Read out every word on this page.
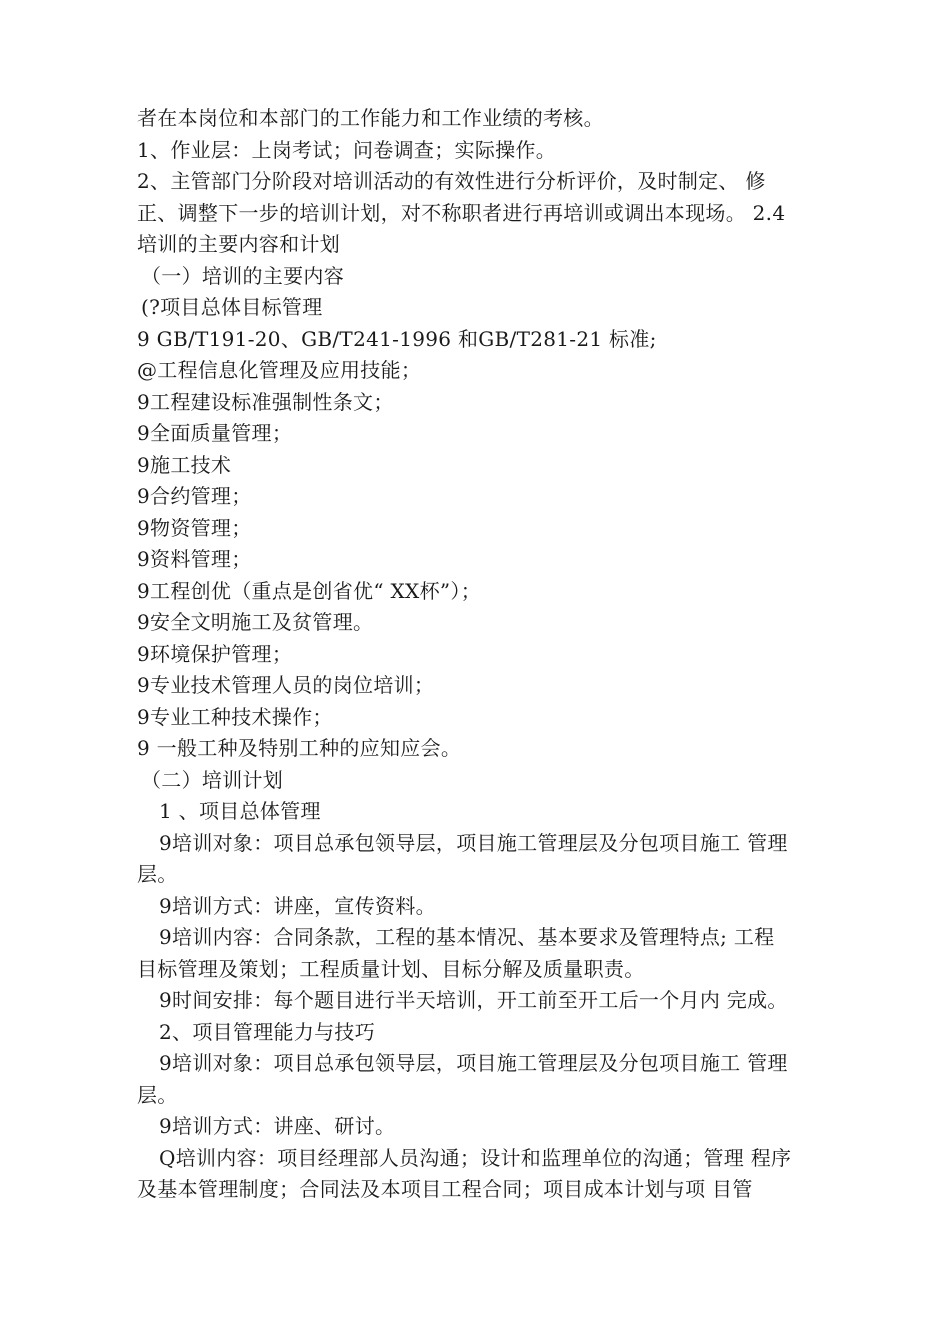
者在本岗位和本部门的工作能力和工作业绩的考核。
1、作业层：上岗考试；问卷调查；实际操作。
2、主管部门分阶段对培训活动的有效性进行分析评价，及时制定、 修
正、调整下一步的培训计划，对不称职者进行再培训或调出本现场。 2.4
培训的主要内容和计划
（一）培训的主要内容
(?项目总体目标管理
9 GB/T191-20、GB/T241-1996 和GB/T281-21 标准;
@工程信息化管理及应用技能；
9工程建设标准强制性条文；
9全面质量管理；
9施工技术
9合约管理；
9物资管理；
9资料管理；
9工程创优（重点是创省优“ XX杯”）；
9安全文明施工及贫管理。
9环境保护管理；
9专业技术管理人员的岗位培训；
9专业工种技术操作；
9 一般工种及特别工种的应知应会。
（二）培训计划
1 、项目总体管理
9培训对象：项目总承包领导层，项目施工管理层及分包项目施工 管理
层。
9培训方式：讲座，宣传资料。
9培训内容：合同条款，工程的基本情况、基本要求及管理特点; 工程
目标管理及策划；工程质量计划、目标分解及质量职责。
9时间安排：每个题目进行半天培训，开工前至开工后一个月内 完成。
2、项目管理能力与技巧
9培训对象：项目总承包领导层，项目施工管理层及分包项目施工 管理
层。
9培训方式：讲座、研讨。
Q培训内容：项目经理部人员沟通；设计和监理单位的沟通；管理 程序
及基本管理制度；合同法及本项目工程合同；项目成本计划与项 目管
